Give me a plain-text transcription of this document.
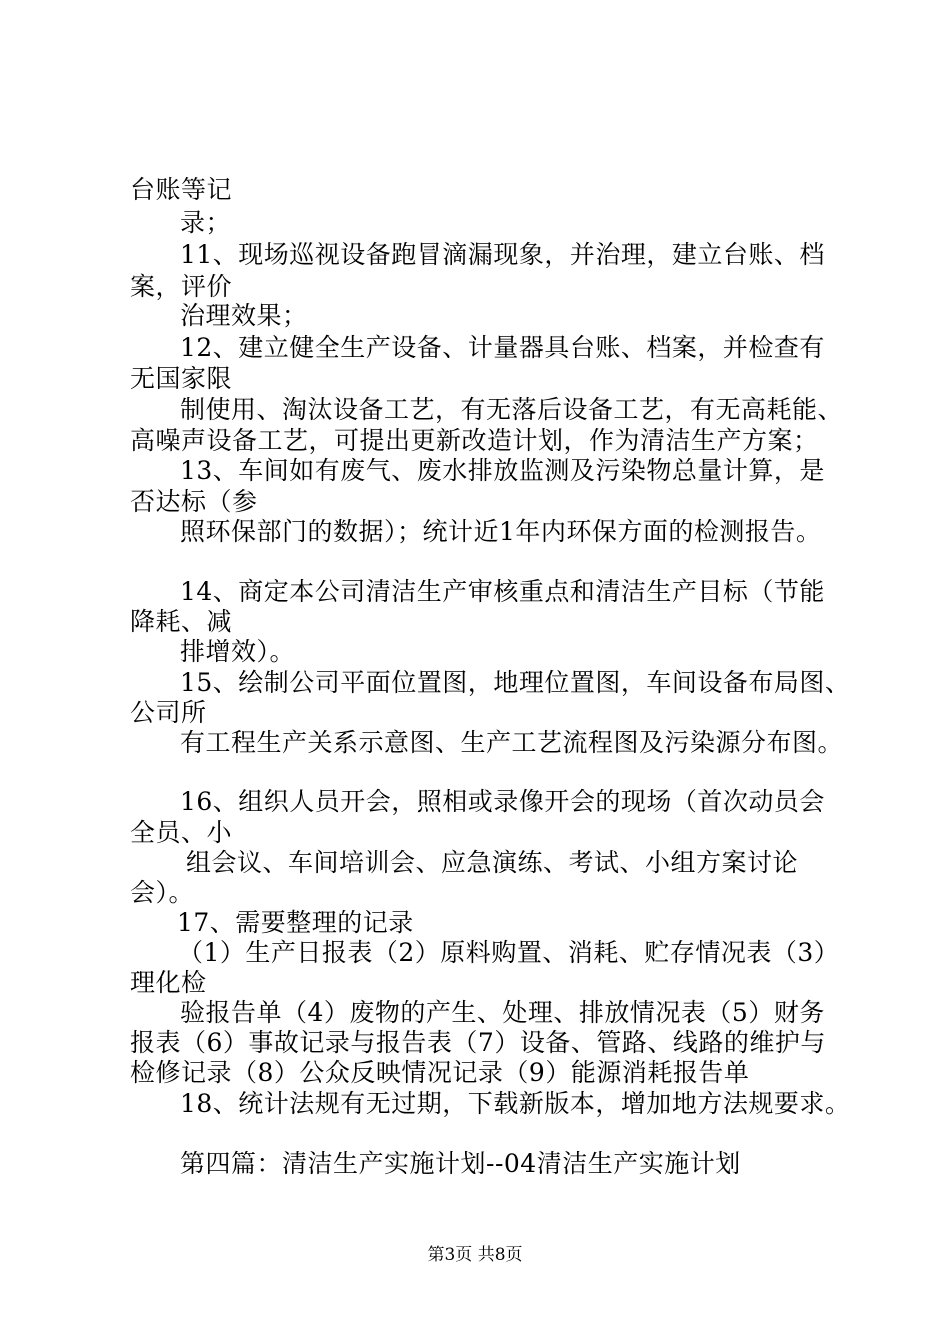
台账等记
录；
11、现场巡视设备跑冒滴漏现象，并治理，建立台账、档
案，评价
治理效果；
12、建立健全生产设备、计量器具台账、档案，并检查有
无国家限
制使用、淘汰设备工艺，有无落后设备工艺，有无高耗能、
高噪声设备工艺，可提出更新改造计划，作为清洁生产方案；
13、车间如有废气、废水排放监测及污染物总量计算，是
否达标（参
照环保部门的数据）；统计近1年内环保方面的检测报告。
14、商定本公司清洁生产审核重点和清洁生产目标（节能
降耗、减
排增效）。
15、绘制公司平面位置图，地理位置图，车间设备布局图、
公司所
有工程生产关系示意图、生产工艺流程图及污染源分布图。
16、组织人员开会，照相或录像开会的现场（首次动员会
全员、小
组会议、车间培训会、应急演练、考试、小组方案讨论
会）。
17、需要整理的记录
（1）生产日报表（2）原料购置、消耗、贮存情况表（3）
理化检
验报告单（4）废物的产生、处理、排放情况表（5）财务
报表（6）事故记录与报告表（7）设备、管路、线路的维护与
检修记录（8）公众反映情况记录（9）能源消耗报告单
18、统计法规有无过期，下载新版本，增加地方法规要求。
第四篇：清洁生产实施计划--04清洁生产实施计划
第3页 共8页
